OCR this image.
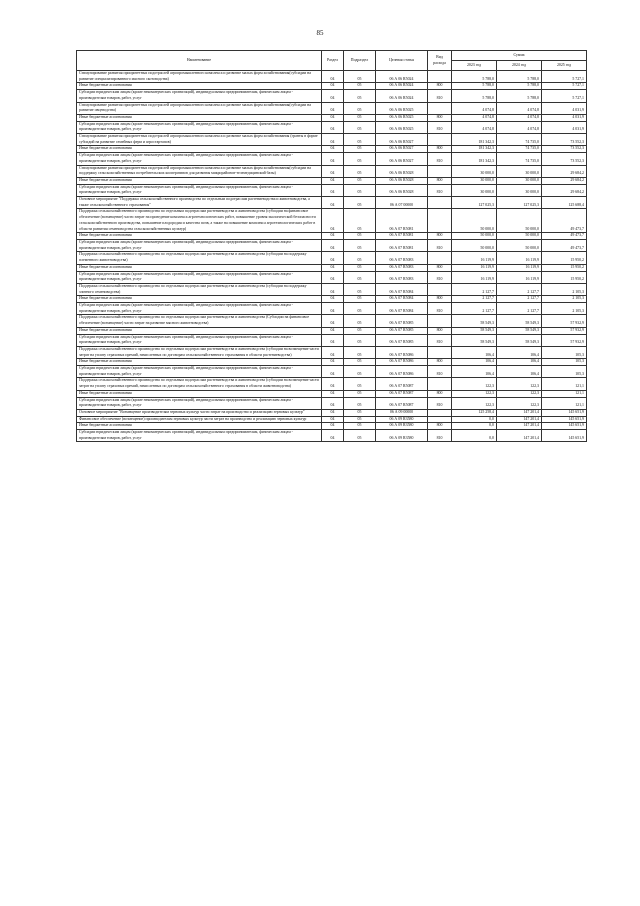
85
Наименование	Раздел	Подраздел	Целевая статья	Вид расхода	Сумма		
					2023 год	2024 год	2025 год
Стимулирование развития приоритетных подотраслей агропромышленного комплекса и развитие малых форм хозяйствования(субсидии на развитие специализированного мясного скотоводства)	04	05	06 А 06 R5024		5 788,0	5 788,0	5 727,1
Иные бюджетные ассигнования	04	05	06 А 06 R5024	800	5 788,0	5 788,0	5 727,1
Субсидии юридическим лицам (кроме некоммерческих организаций), индивидуальным предпринимателям, физическим лицам - производителям товаров, работ, услуг	04	05	06 А 06 R5024	810	5 788,0	5 788,0	5 727,1
Стимулирование развития приоритетных подотраслей агропромышленного комплекса и развитие малых форм хозяйствования(субсидии на развитие овцеводства)	04	05	06 А 06 R5025		4 074,8	4 074,8	4 031,9
Иные бюджетные ассигнования	04	05	06 А 06 R5025	800	4 074,8	4 074,8	4 031,9
Субсидии юридическим лицам (кроме некоммерческих организаций), индивидуальным предпринимателям, физическим лицам - производителям товаров, работ, услуг	04	05	06 А 06 R5025	810	4 074,8	4 074,8	4 031,9
Стимулирование развития приоритетных подотраслей агропромышленного комплекса и развитие малых форм хозяйствования (гранты в форме субсидий на развитие семейных ферм и агростартапов)	04	05	06 А 06 R5027		181 342,3	74 735,0	73 552,3
Иные бюджетные ассигнования	04	05	06 А 06 R5027	800	181 342,3	74 735,0	73 552,3
Субсидии юридическим лицам (кроме некоммерческих организаций), индивидуальным предпринимателям, физическим лицам - производителям товаров, работ, услуг	04	05	06 А 06 R5027	810	181 342,3	74 735,0	73 552,3
Стимулирование развития приоритетных подотраслей агропромышленного комплекса и развитие малых форм хозяйствования(субсидии на поддержку сельскохозяйственных потребительских кооперативов для развития микрорайонов-телемедицинский базы)	04	05	06 А 06 R5028		30 000,0	30 000,0	29 684,2
Иные бюджетные ассигнования	04	05	06 А 06 R5028	800	30 000,0	30 000,0	29 684,2
Субсидии юридическим лицам (кроме некоммерческих организаций), индивидуальным предпринимателям, физическим лицам - производителям товаров, работ, услуг	04	05	06 А 06 R5028	810	30 000,0	30 000,0	29 684,2
Основное мероприятие "Поддержка сельскохозяйственного производства по отдельным подотраслям растениеводства и животноводства, а также сельскохозяйственного страхования"	04	05	06 А 07 00000		127 025,3	127 025,3	125 688,4
Поддержка сельскохозяйственного производства по отдельным подотраслям растениеводства и животноводства (субсидии на финансовое обеспечение (возмещение) части затрат на проведение комплекса агротехнологических работ, повышение уровня экологической безопасности сельскохозяйственного производства, повышение плодородия и качества почв, а также на повышение комплекса агротехнологических работ в области развития семеноводства сельскохозяйственных культур)	04	05	06 А 07 R5081		50 000,0	50 000,0	49 473,7
Иные бюджетные ассигнования	04	05	06 А 07 R5081	800	50 000,0	50 000,0	49 473,7
Субсидии юридическим лицам (кроме некоммерческих организаций), индивидуальным предпринимателям, физическим лицам - производителям товаров, работ, услуг	04	05	06 А 07 R5081	810	50 000,0	50 000,0	49 473,7
Поддержка сельскохозяйственного производства по отдельным подотраслям растениеводства и животноводства (субсидии на поддержку племенного животноводства)	04	05	06 А 07 R5083		16 119,9	16 119,9	15 950,2
Иные бюджетные ассигнования	04	05	06 А 07 R5083	800	16 119,9	16 119,9	15 950,2
Субсидии юридическим лицам (кроме некоммерческих организаций), индивидуальным предпринимателям, физическим лицам - производителям товаров, работ, услуг	04	05	06 А 07 R5083	810	16 119,9	16 119,9	15 950,2
Поддержка сельскохозяйственного производства по отдельным подотраслям растениеводства и животноводства (субсидии на поддержку элитного семеноводства)	04	05	06 А 07 R5084		2 127,7	2 127,7	2 105,3
Иные бюджетные ассигнования	04	05	06 А 07 R5084	800	2 127,7	2 127,7	2 105,3
Субсидии юридическим лицам (кроме некоммерческих организаций), индивидуальным предпринимателям, физическим лицам - производителям товаров, работ, услуг	04	05	06 А 07 R5084	810	2 127,7	2 127,7	2 105,3
Поддержка сельскохозяйственного производства по отдельным подотраслям растениеводства и животноводства (Субсидии на финансовое обеспечение (возмещение) части затрат на развитие мясного животноводства)	04	05	06 А 07 R5085		58 549,3	58 549,3	57 932,9
Иные бюджетные ассигнования	04	05	06 А 07 R5085	800	58 549,3	58 549,3	57 932,9
Субсидии юридическим лицам (кроме некоммерческих организаций), индивидуальным предпринимателям, физическим лицам - производителям товаров, работ, услуг	04	05	06 А 07 R5085	810	58 549,3	58 549,3	57 932,9
Поддержка сельскохозяйственного производства по отдельным подотраслям растениеводства и животноводства (субсидии на возмещение части затрат на уплату страховых премий, начисленных по договорам сельскохозяйственного страхования в области растениеводства)	04	05	06 А 07 R5086		106,4	106,4	105,3
Иные бюджетные ассигнования	04	05	06 А 07 R5086	800	106,4	106,4	105,3
Субсидии юридическим лицам (кроме некоммерческих организаций), индивидуальным предпринимателям, физическим лицам - производителям товаров, работ, услуг	04	05	06 А 07 R5086	810	106,4	106,4	105,3
Поддержка сельскохозяйственного производства по отдельным подотраслям растениеводства и животноводства (субсидии на возмещение части затрат на уплату страховых премий, начисленных по договорам сельскохозяйственного страхования в области животноводства)	04	05	06 А 07 R5087		122,3	122,3	121,1
Иные бюджетные ассигнования	04	05	06 А 07 R5087	800	122,3	122,3	121,1
Субсидии юридическим лицам (кроме некоммерческих организаций), индивидуальным предпринимателям, физическим лицам - производителям товаров, работ, услуг	04	05	06 А 07 R5087	810	122,3	122,3	121,1
Основное мероприятие "Возмещение производителям зерновых культур части затрат на производство и реализацию зерновых культур"	04	05	06 А 09 00000		125 258,4	147 201,4	145 651,9
Финансовое обеспечение (возмещение) производителям зерновых культур части затрат на производство и реализацию зерновых культур	04	05	06 А 09 R3580		0,0	147 201,4	145 651,9
Иные бюджетные ассигнования	04	05	06 А 09 R3580	800	0,0	147 201,4	145 651,9
Субсидии юридическим лицам (кроме некоммерческих организаций), индивидуальным предпринимателям, физическим лицам - производителям товаров, работ, услуг	04	05	06 А 09 R3580	810	0,0	147 201,4	145 651,9
